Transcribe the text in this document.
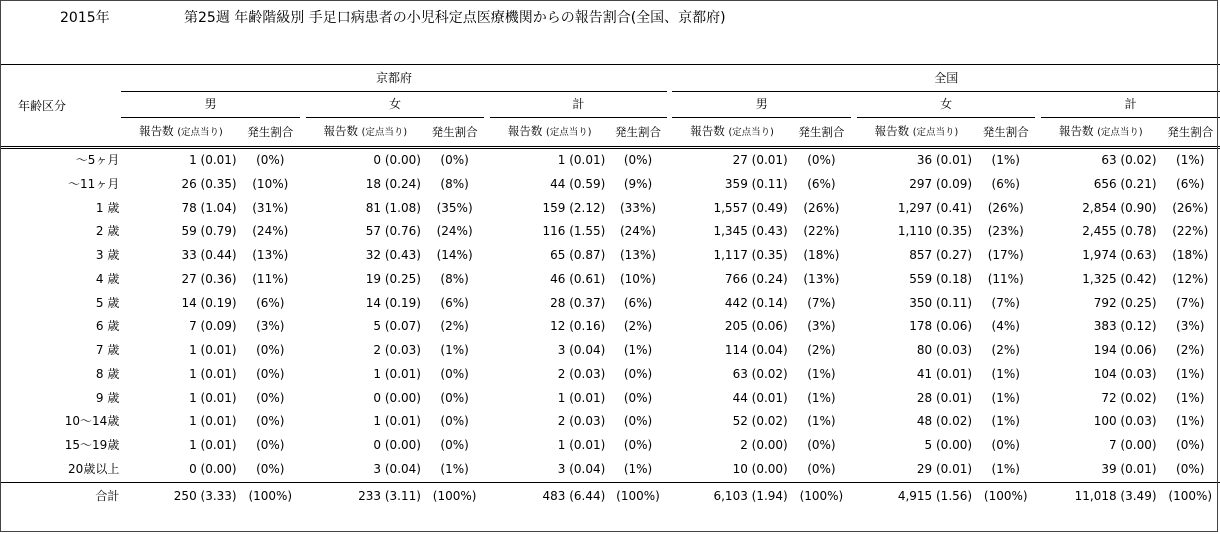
2015年	第25週 年齢階級別 手足口病患者の小児科定点医療機関からの報告割合(全国、京都府)
年齢区分	京都府									全国							
	男			女			計			男			女			計	
	報告数 (定点当り)	発生割合		報告数 (定点当り)	発生割合		報告数 (定点当り)	発生割合		報告数 (定点当り)	発生割合		報告数 (定点当り)	発生割合		報告数 (定点当り)	発生割合
～5ヶ月	1 (0.01)	(0%)		0 (0.00)	(0%)		1 (0.01)	(0%)		27 (0.01)	(0%)		36 (0.01)	(1%)		63 (0.02)	(1%)
～11ヶ月	26 (0.35)	(10%)		18 (0.24)	(8%)		44 (0.59)	(9%)		359 (0.11)	(6%)		297 (0.09)	(6%)		656 (0.21)	(6%)
1 歳	78 (1.04)	(31%)		81 (1.08)	(35%)		159 (2.12)	(33%)		1,557 (0.49)	(26%)		1,297 (0.41)	(26%)		2,854 (0.90)	(26%)
2 歳	59 (0.79)	(24%)		57 (0.76)	(24%)		116 (1.55)	(24%)		1,345 (0.43)	(22%)		1,110 (0.35)	(23%)		2,455 (0.78)	(22%)
3 歳	33 (0.44)	(13%)		32 (0.43)	(14%)		65 (0.87)	(13%)		1,117 (0.35)	(18%)		857 (0.27)	(17%)		1,974 (0.63)	(18%)
4 歳	27 (0.36)	(11%)		19 (0.25)	(8%)		46 (0.61)	(10%)		766 (0.24)	(13%)		559 (0.18)	(11%)		1,325 (0.42)	(12%)
5 歳	14 (0.19)	(6%)		14 (0.19)	(6%)		28 (0.37)	(6%)		442 (0.14)	(7%)		350 (0.11)	(7%)		792 (0.25)	(7%)
6 歳	7 (0.09)	(3%)		5 (0.07)	(2%)		12 (0.16)	(2%)		205 (0.06)	(3%)		178 (0.06)	(4%)		383 (0.12)	(3%)
7 歳	1 (0.01)	(0%)		2 (0.03)	(1%)		3 (0.04)	(1%)		114 (0.04)	(2%)		80 (0.03)	(2%)		194 (0.06)	(2%)
8 歳	1 (0.01)	(0%)		1 (0.01)	(0%)		2 (0.03)	(0%)		63 (0.02)	(1%)		41 (0.01)	(1%)		104 (0.03)	(1%)
9 歳	1 (0.01)	(0%)		0 (0.00)	(0%)		1 (0.01)	(0%)		44 (0.01)	(1%)		28 (0.01)	(1%)		72 (0.02)	(1%)
10～14歳	1 (0.01)	(0%)		1 (0.01)	(0%)		2 (0.03)	(0%)		52 (0.02)	(1%)		48 (0.02)	(1%)		100 (0.03)	(1%)
15～19歳	1 (0.01)	(0%)		0 (0.00)	(0%)		1 (0.01)	(0%)		2 (0.00)	(0%)		5 (0.00)	(0%)		7 (0.00)	(0%)
20歳以上	0 (0.00)	(0%)		3 (0.04)	(1%)		3 (0.04)	(1%)		10 (0.00)	(0%)		29 (0.01)	(1%)		39 (0.01)	(0%)
合計	250 (3.33)	(100%)		233 (3.11)	(100%)		483 (6.44)	(100%)		6,103 (1.94)	(100%)		4,915 (1.56)	(100%)		11,018 (3.49)	(100%)
